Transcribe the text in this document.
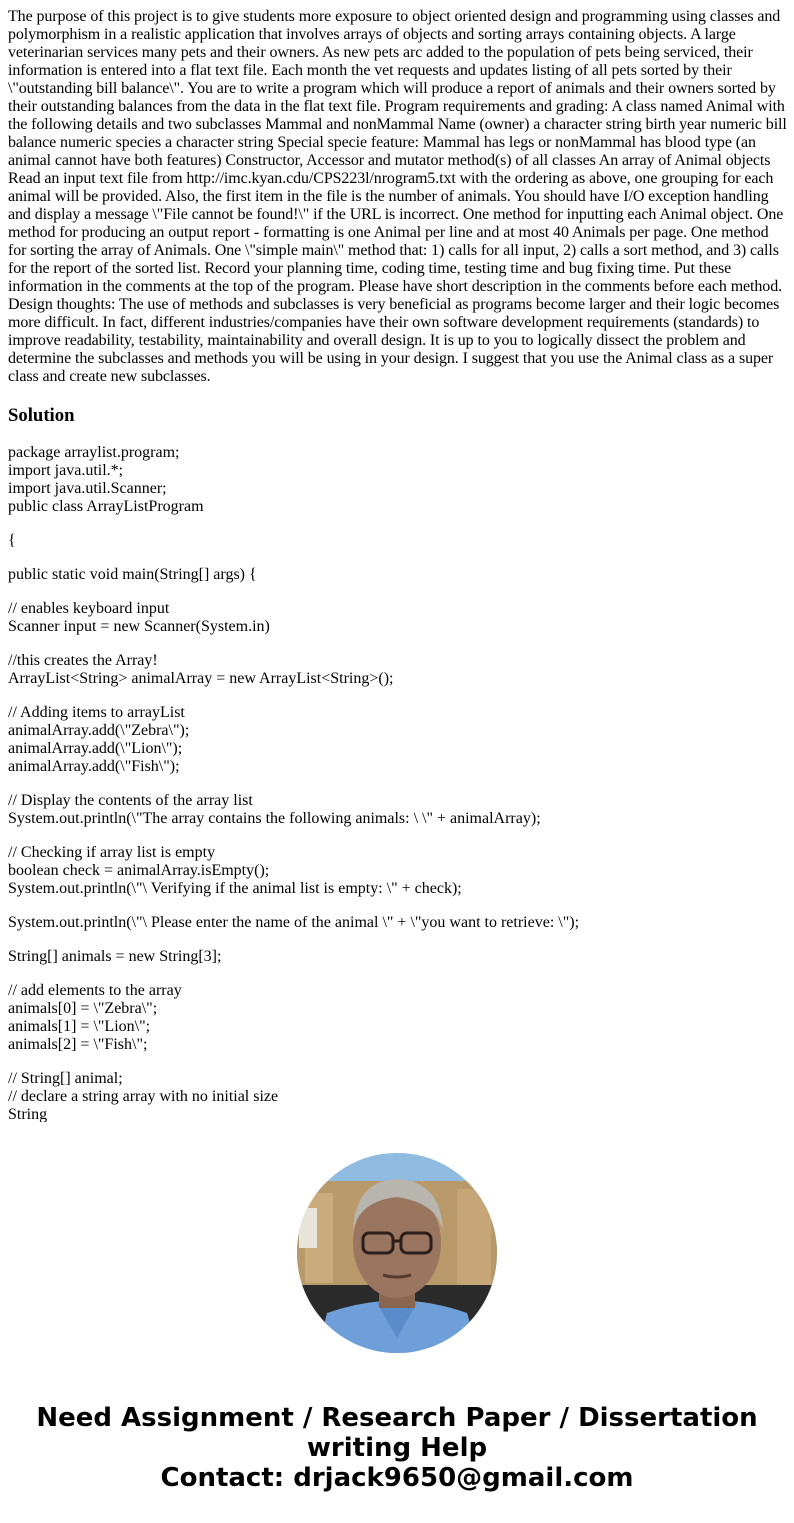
The purpose of this project is to give students more exposure to object oriented design and programming using classes and polymorphism in a realistic application that involves arrays of objects and sorting arrays containing objects. A large veterinarian services many pets and their owners. As new pets arc added to the population of pets being serviced, their information is entered into a flat text file. Each month the vet requests and updates listing of all pets sorted by their \"outstanding bill balance\". You are to write a program which will produce a report of animals and their owners sorted by their outstanding balances from the data in the flat text file. Program requirements and grading: A class named Animal with the following details and two subclasses Mammal and nonMammal Name (owner) a character string birth year numeric bill balance numeric species a character string Special specie feature: Mammal has legs or nonMammal has blood type (an animal cannot have both features) Constructor, Accessor and mutator method(s) of all classes An array of Animal objects Read an input text file from http://imc.kyan.cdu/CPS223l/nrogram5.txt with the ordering as above, one grouping for each animal will be provided. Also, the first item in the file is the number of animals. You should have I/O exception handling and display a message \"File cannot be found!\" if the URL is incorrect. One method for inputting each Animal object. One method for producing an output report - formatting is one Animal per line and at most 40 Animals per page. One method for sorting the array of Animals. One \"simple main\" method that: 1) calls for all input, 2) calls a sort method, and 3) calls for the report of the sorted list. Record your planning time, coding time, testing time and bug fixing time. Put these information in the comments at the top of the program. Please have short description in the comments before each method. Design thoughts: The use of methods and subclasses is very beneficial as programs become larger and their logic becomes more difficult. In fact, different industries/companies have their own software development requirements (standards) to improve readability, testability, maintainability and overall design. It is up to you to logically dissect the problem and determine the subclasses and methods you will be using in your design. I suggest that you use the Animal class as a super class and create new subclasses.

Solution
package arraylist.program;
import java.util.*;
import java.util.Scanner;
public class ArrayListProgram
{
public static void main(String[] args) {
// enables keyboard input
Scanner input = new Scanner(System.in)
//this creates the Array!
ArrayList<String> animalArray = new ArrayList<String>();
// Adding items to arrayList
animalArray.add(\"Zebra\");
animalArray.add(\"Lion\");
animalArray.add(\"Fish\");
// Display the contents of the array list
System.out.println(\"The array contains the following animals: \ \" + animalArray);
// Checking if array list is empty
boolean check = animalArray.isEmpty();
System.out.println(\"\ Verifying if the animal list is empty: \" + check);
System.out.println(\"\ Please enter the name of the animal \" + \"you want to retrieve: \");
String[] animals = new String[3];
// add elements to the array
animals[0] = \"Zebra\";
animals[1] = \"Lion\";
animals[2] = \"Fish\";
// String[] animal;
// declare a string array with no initial size
String
Need Assignment / Research Paper / Dissertation
writing Help
Contact: drjack9650@gmail.com
